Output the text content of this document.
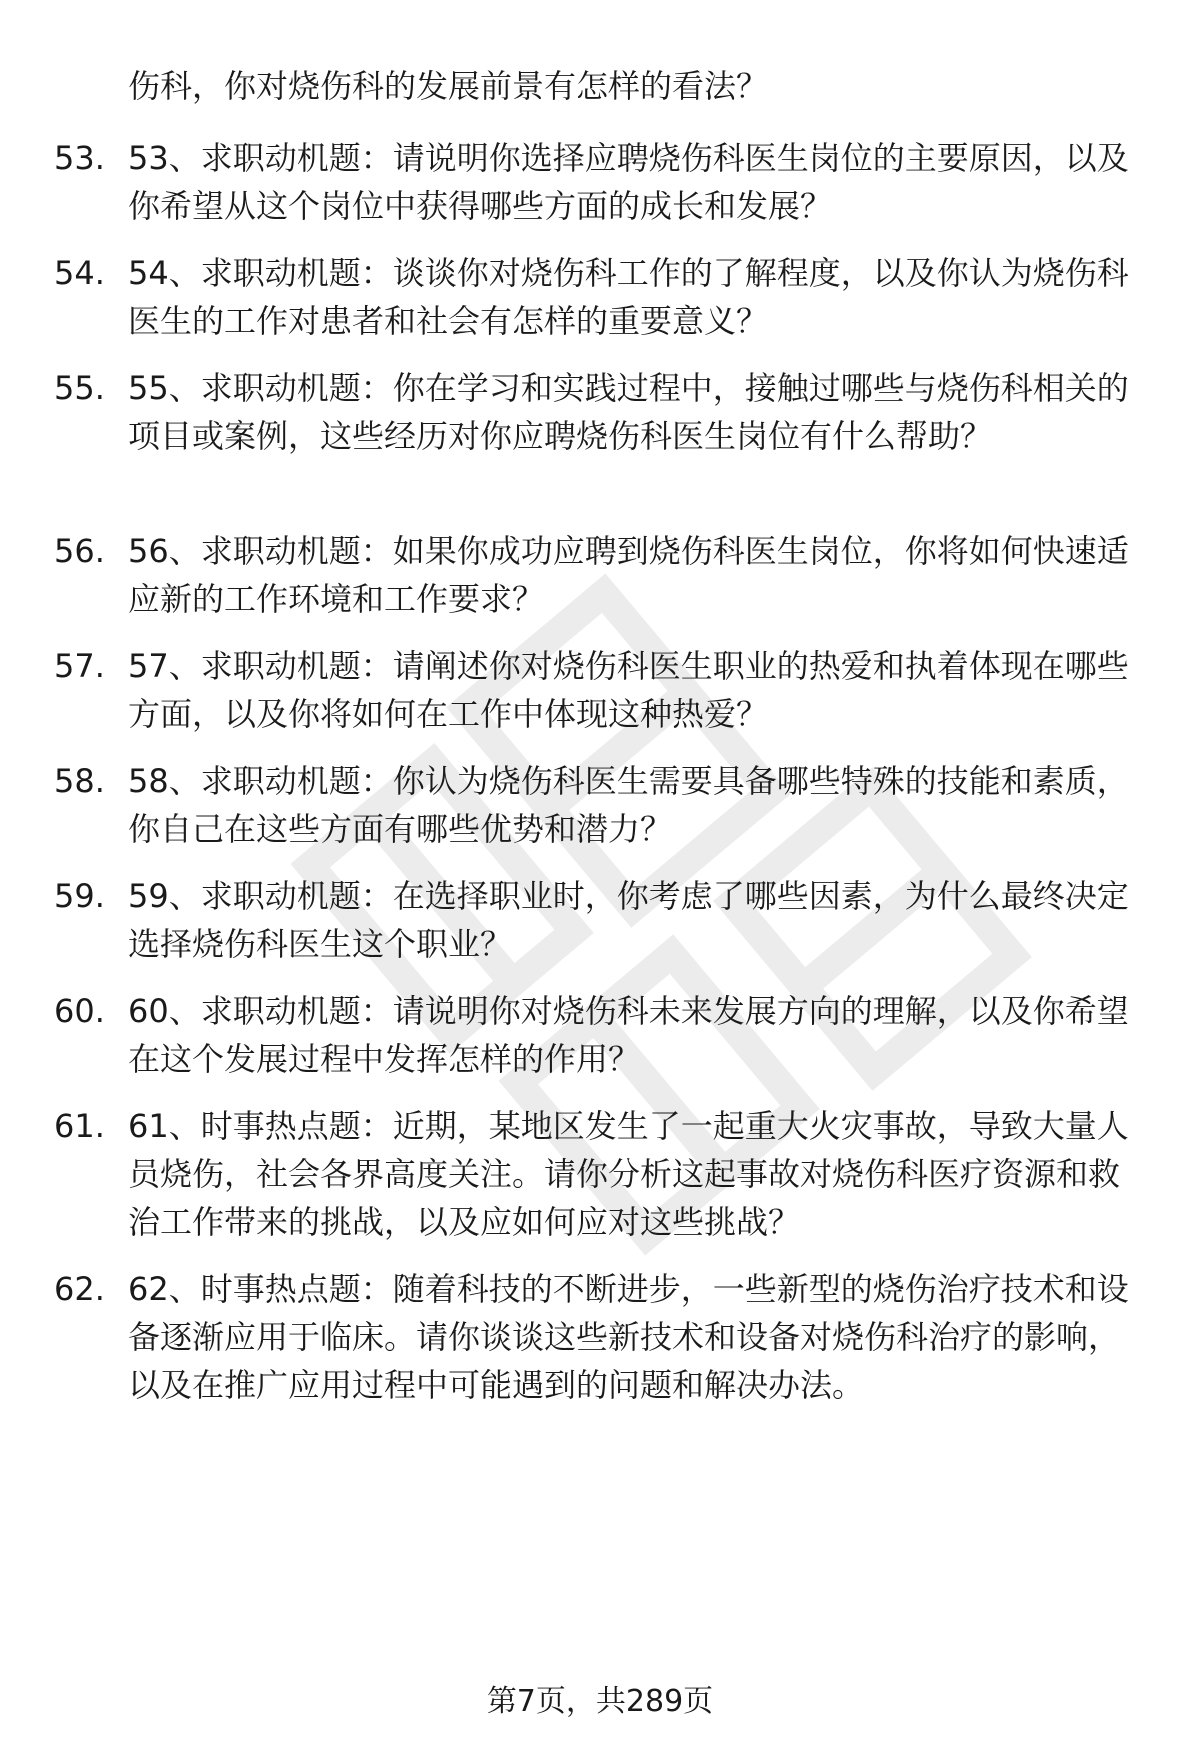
伤科，你对烧伤科的发展前景有怎样的看法？
53. 53、求职动机题：请说明你选择应聘烧伤科医生岗位的主要原因，以及你希望从这个岗位中获得哪些方面的成长和发展？
54. 54、求职动机题：谈谈你对烧伤科工作的了解程度，以及你认为烧伤科医生的工作对患者和社会有怎样的重要意义？
55. 55、求职动机题：你在学习和实践过程中，接触过哪些与烧伤科相关的项目或案例，这些经历对你应聘烧伤科医生岗位有什么帮助？
56. 56、求职动机题：如果你成功应聘到烧伤科医生岗位，你将如何快速适应新的工作环境和工作要求？
57. 57、求职动机题：请阐述你对烧伤科医生职业的热爱和执着体现在哪些方面，以及你将如何在工作中体现这种热爱？
58. 58、求职动机题：你认为烧伤科医生需要具备哪些特殊的技能和素质，你自己在这些方面有哪些优势和潜力？
59. 59、求职动机题：在选择职业时，你考虑了哪些因素，为什么最终决定选择烧伤科医生这个职业？
60. 60、求职动机题：请说明你对烧伤科未来发展方向的理解，以及你希望在这个发展过程中发挥怎样的作用？
61. 61、时事热点题：近期，某地区发生了一起重大火灾事故，导致大量人员烧伤，社会各界高度关注。请你分析这起事故对烧伤科医疗资源和救治工作带来的挑战，以及应如何应对这些挑战？
62. 62、时事热点题：随着科技的不断进步，一些新型的烧伤治疗技术和设备逐渐应用于临床。请你谈谈这些新技术和设备对烧伤科治疗的影响，以及在推广应用过程中可能遇到的问题和解决办法。
第7页，共289页
